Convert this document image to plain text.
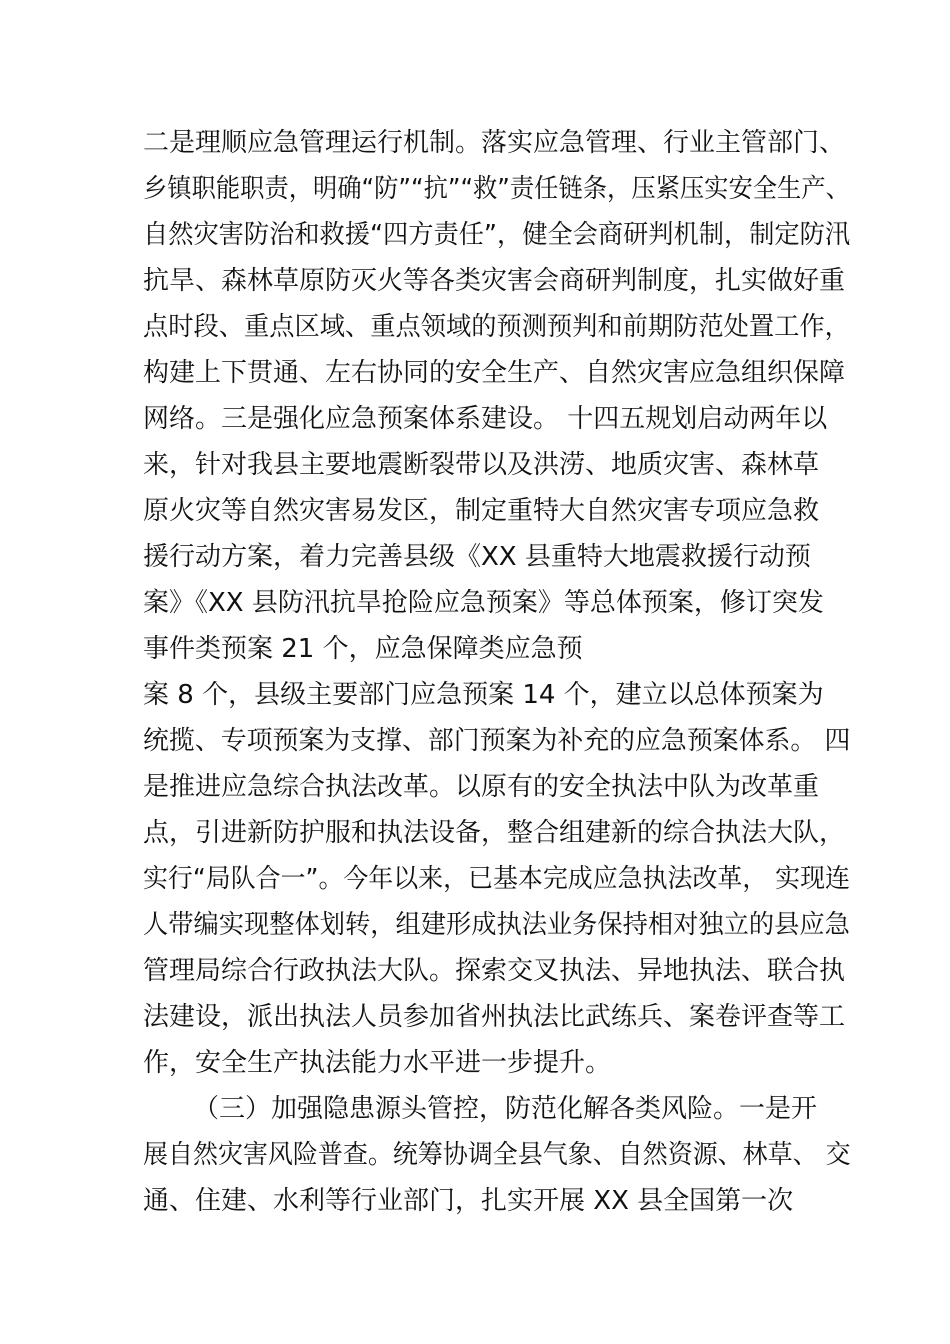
二是理顺应急管理运行机制。落实应急管理、行业主管部门、
乡镇职能职责，明确“防”“抗”“救”责任链条，压紧压实安全生产、
自然灾害防治和救援“四方责任”，健全会商研判机制，制定防汛
抗旱、森林草原防灭火等各类灾害会商研判制度，扎实做好重
点时段、重点区域、重点领域的预测预判和前期防范处置工作，
构建上下贯通、左右协同的安全生产、自然灾害应急组织保障
网络。三是强化应急预案体系建设。 十四五规划启动两年以
来，针对我县主要地震断裂带以及洪涝、地质灾害、森林草
原火灾等自然灾害易发区，制定重特大自然灾害专项应急救
援行动方案，着力完善县级《XX 县重特大地震救援行动预
案》《XX 县防汛抗旱抢险应急预案》等总体预案，修订突发
事件类预案 21 个，应急保障类应急预
案 8 个，县级主要部门应急预案 14 个，建立以总体预案为
统揽、专项预案为支撑、部门预案为补充的应急预案体系。 四
是推进应急综合执法改革。以原有的安全执法中队为改革重
点，引进新防护服和执法设备，整合组建新的综合执法大队，
实行“局队合一”。今年以来，已基本完成应急执法改革， 实现连
人带编实现整体划转，组建形成执法业务保持相对独立的县应急
管理局综合行政执法大队。探索交叉执法、异地执法、联合执
法建设，派出执法人员参加省州执法比武练兵、案卷评查等工
作，安全生产执法能力水平进一步提升。
（三）加强隐患源头管控，防范化解各类风险。一是开
展自然灾害风险普查。统筹协调全县气象、自然资源、林草、 交
通、住建、水利等行业部门，扎实开展 XX 县全国第一次
